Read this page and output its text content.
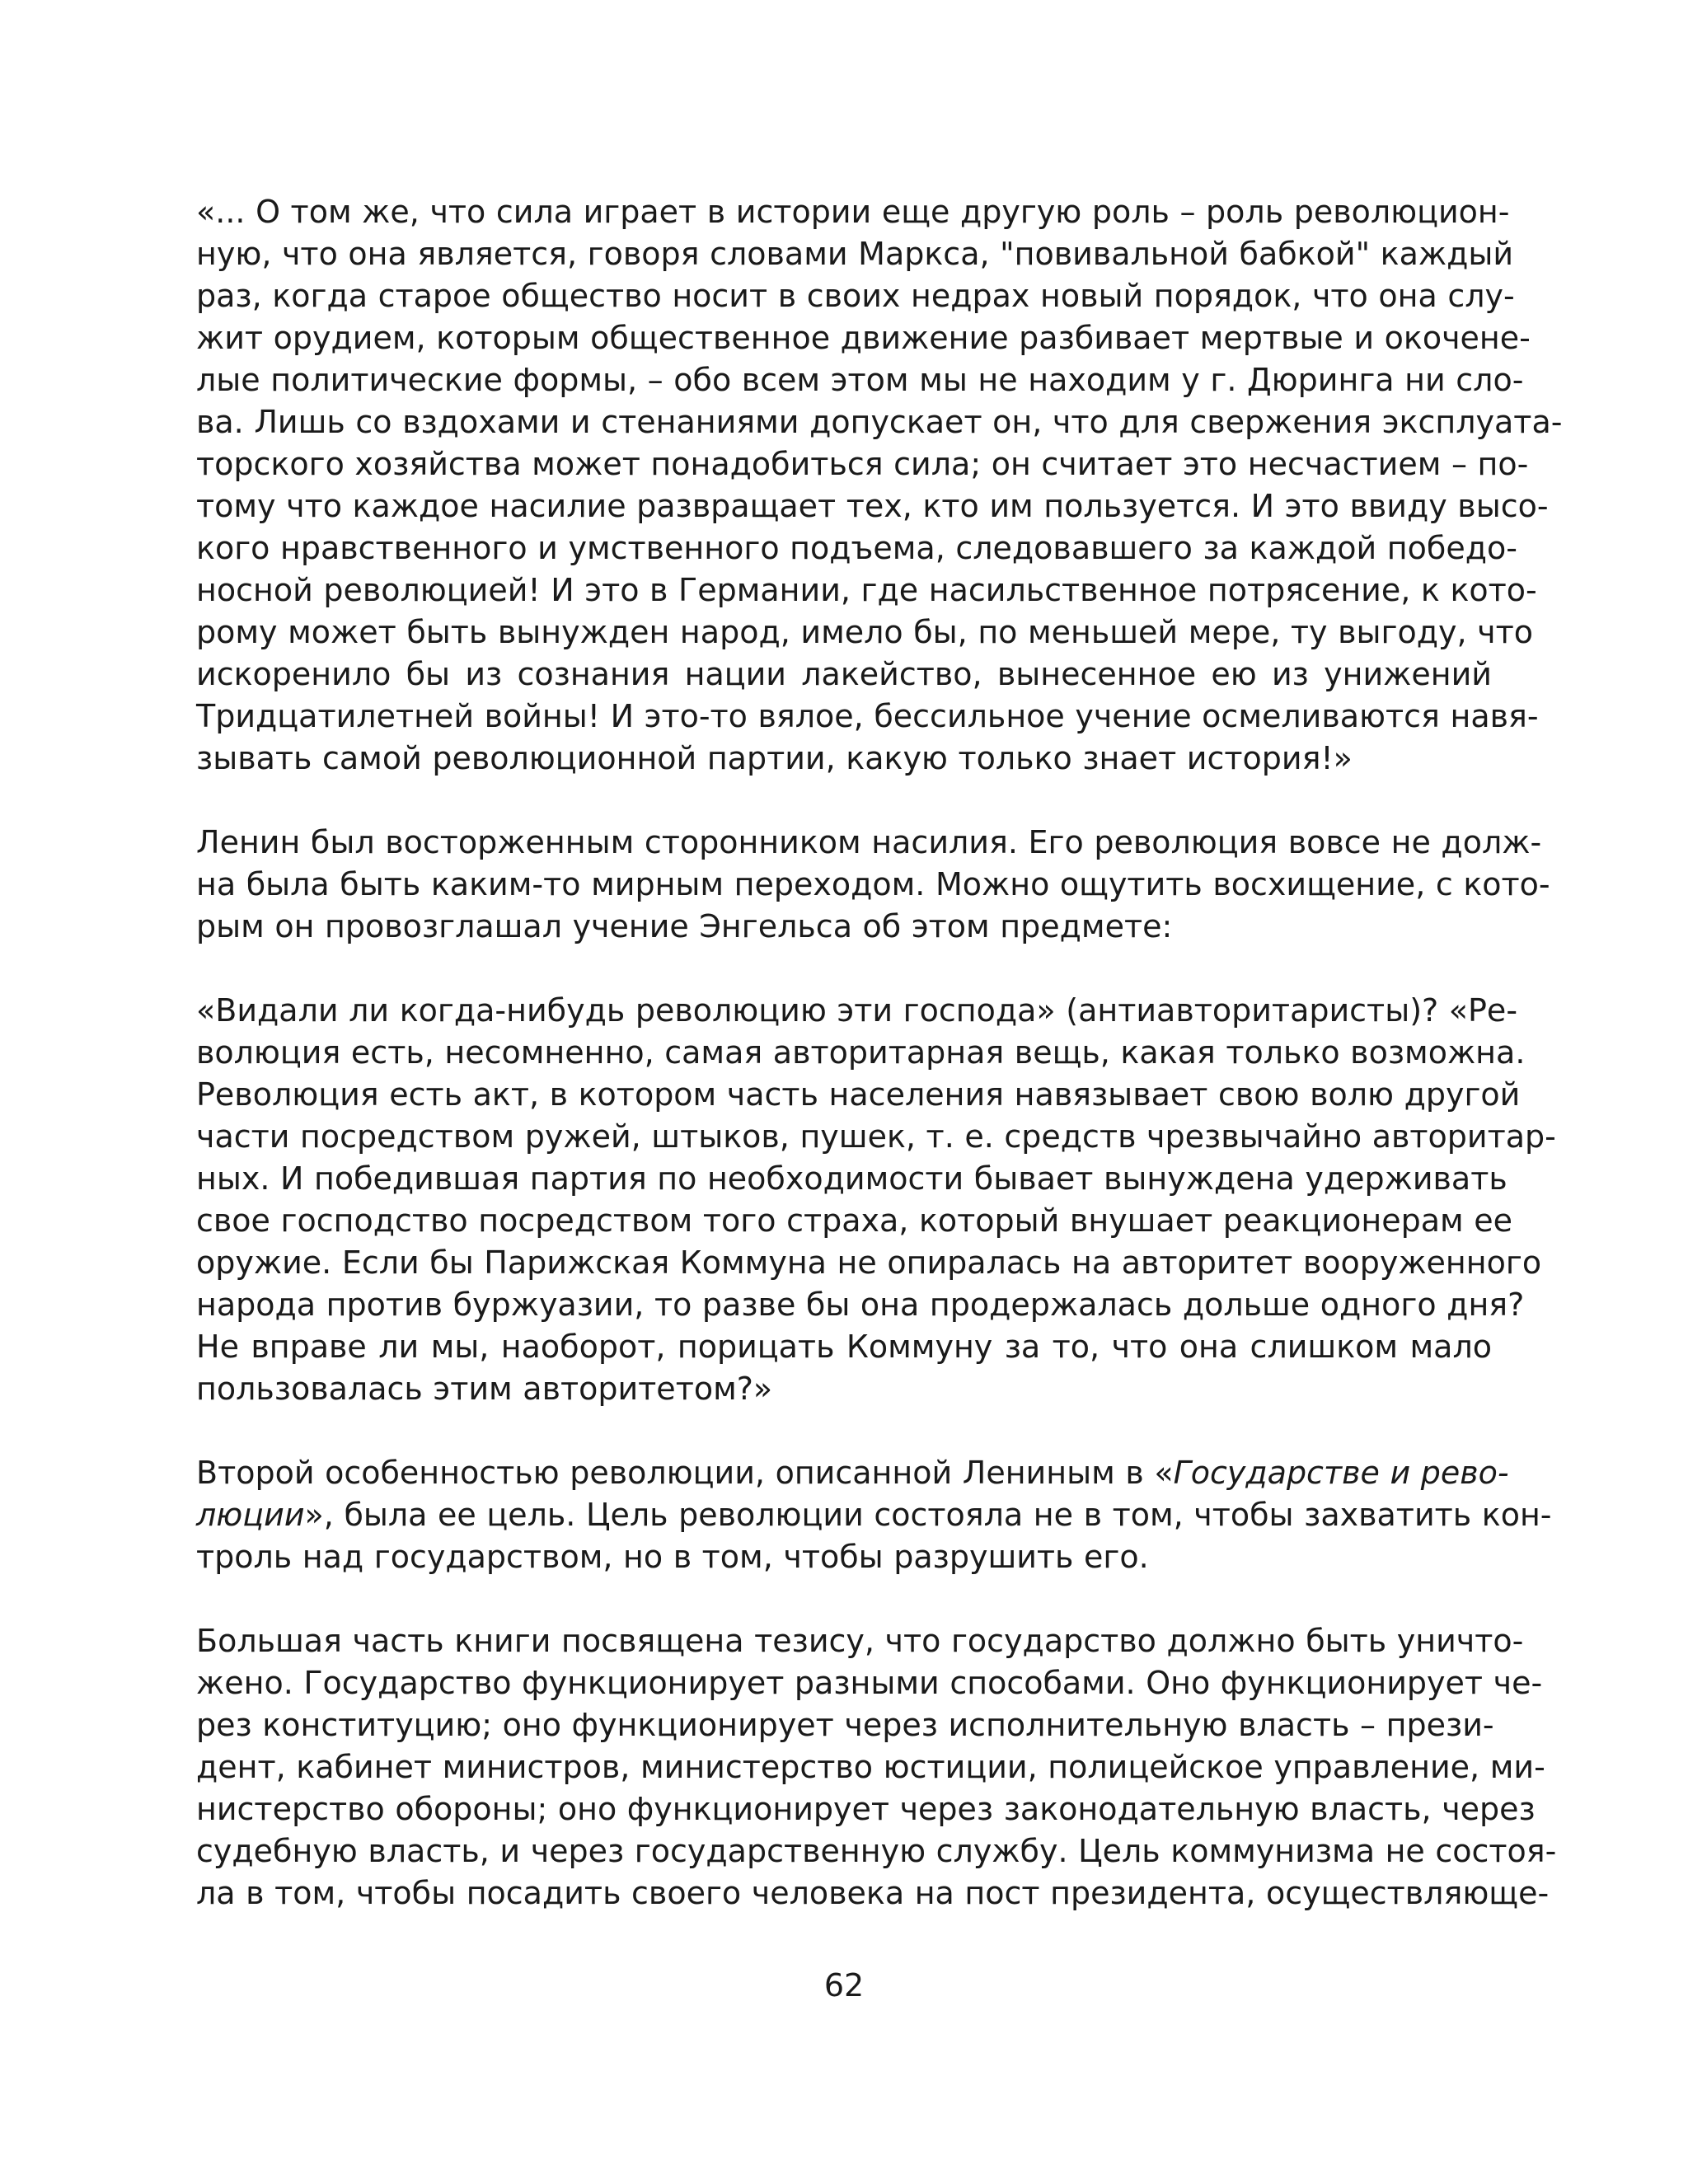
«... О том же, что сила играет в истории еще другую роль – роль революцион-
ную, что она является, говоря словами Маркса, "повивальной бабкой" каждый
раз, когда старое общество носит в своих недрах новый порядок, что она слу-
жит орудием, которым общественное движение разбивает мертвые и окочене-
лые политические формы, – обо всем этом мы не находим у г. Дюринга ни сло-
ва. Лишь со вздохами и стенаниями допускает он, что для свержения эксплуата-
торского хозяйства может понадобиться сила; он считает это несчастием – по-
тому что каждое насилие развращает тех, кто им пользуется. И это ввиду высо-
кого нравственного и умственного подъема, следовавшего за каждой победо-
носной революцией! И это в Германии, где насильственное потрясение, к кото-
рому может быть вынужден народ, имело бы, по меньшей мере, ту выгоду, что
искоренило бы из сознания нации лакейство, вынесенное ею из унижений
Тридцатилетней войны! И это-то вялое, бессильное учение осмеливаются навя-
зывать самой революционной партии, какую только знает история!»

Ленин был восторженным сторонником насилия. Его революция вовсе не долж-
на была быть каким-то мирным переходом. Можно ощутить восхищение, с кото-
рым он провозглашал учение Энгельса об этом предмете:

«Видали ли когда-нибудь революцию эти господа» (антиавторитаристы)? «Ре-
волюция есть, несомненно, самая авторитарная вещь, какая только возможна.
Революция есть акт, в котором часть населения навязывает свою волю другой
части посредством ружей, штыков, пушек, т. е. средств чрезвычайно авторитар-
ных. И победившая партия по необходимости бывает вынуждена удерживать
свое господство посредством того страха, который внушает реакционерам ее
оружие. Если бы Парижская Коммуна не опиралась на авторитет вооруженного
народа против буржуазии, то разве бы она продержалась дольше одного дня?
Не вправе ли мы, наоборот, порицать Коммуну за то, что она слишком мало
пользовалась этим авторитетом?»

Второй особенностью революции, описанной Лениным в «Государстве и рево-
люции», была ее цель. Цель революции состояла не в том, чтобы захватить кон-
троль над государством, но в том, чтобы разрушить его.

Большая часть книги посвящена тезису, что государство должно быть уничто-
жено. Государство функционирует разными способами. Оно функционирует че-
рез конституцию; оно функционирует через исполнительную власть – прези-
дент, кабинет министров, министерство юстиции, полицейское управление, ми-
нистерство обороны; оно функционирует через законодательную власть, через
судебную власть, и через государственную службу. Цель коммунизма не состоя-
ла в том, чтобы посадить своего человека на пост президента, осуществляюще-

62
